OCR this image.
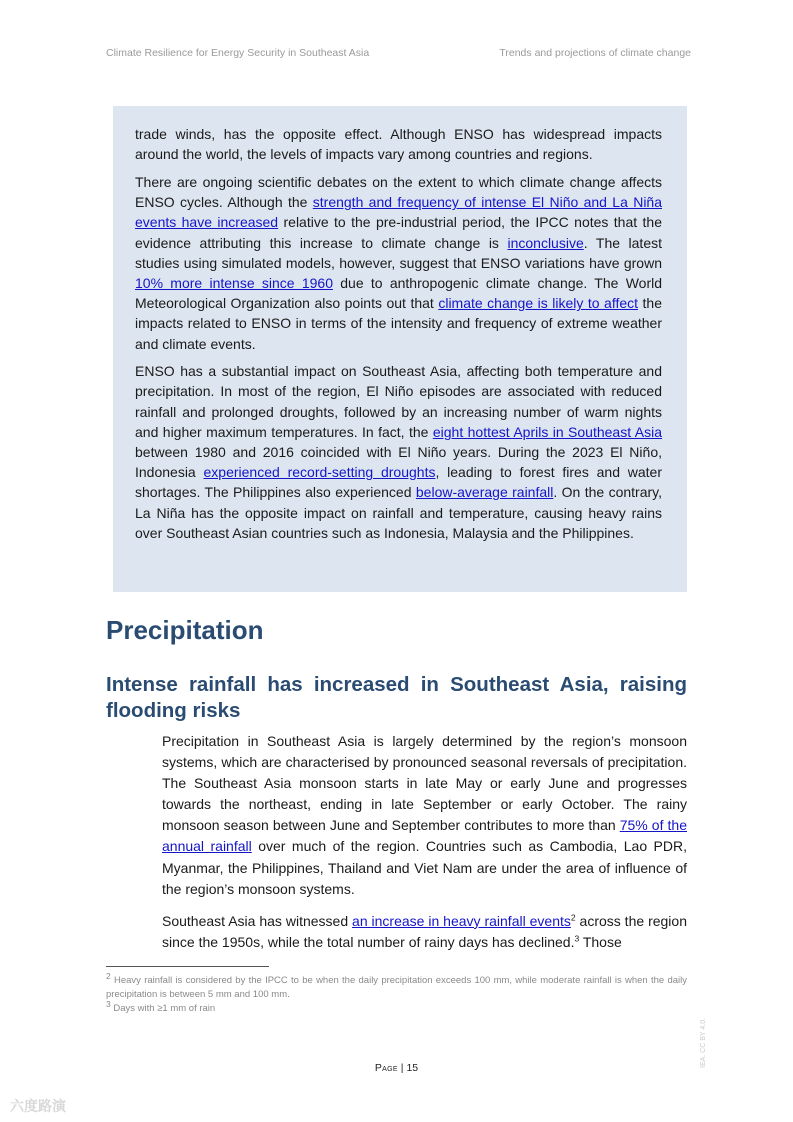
Climate Resilience for Energy Security in Southeast Asia	Trends and projections of climate change

trade winds, has the opposite effect. Although ENSO has widespread impacts around the world, the levels of impacts vary among countries and regions.

There are ongoing scientific debates on the extent to which climate change affects ENSO cycles. Although the strength and frequency of intense El Niño and La Niña events have increased relative to the pre-industrial period, the IPCC notes that the evidence attributing this increase to climate change is inconclusive. The latest studies using simulated models, however, suggest that ENSO variations have grown 10% more intense since 1960 due to anthropogenic climate change. The World Meteorological Organization also points out that climate change is likely to affect the impacts related to ENSO in terms of the intensity and frequency of extreme weather and climate events.

ENSO has a substantial impact on Southeast Asia, affecting both temperature and precipitation. In most of the region, El Niño episodes are associated with reduced rainfall and prolonged droughts, followed by an increasing number of warm nights and higher maximum temperatures. In fact, the eight hottest Aprils in Southeast Asia between 1980 and 2016 coincided with El Niño years. During the 2023 El Niño, Indonesia experienced record-setting droughts, leading to forest fires and water shortages. The Philippines also experienced below-average rainfall. On the contrary, La Niña has the opposite impact on rainfall and temperature, causing heavy rains over Southeast Asian countries such as Indonesia, Malaysia and the Philippines.

Precipitation
Intense rainfall has increased in Southeast Asia, raising flooding risks

Precipitation in Southeast Asia is largely determined by the region’s monsoon systems, which are characterised by pronounced seasonal reversals of precipitation. The Southeast Asia monsoon starts in late May or early June and progresses towards the northeast, ending in late September or early October. The rainy monsoon season between June and September contributes to more than 75% of the annual rainfall over much of the region. Countries such as Cambodia, Lao PDR, Myanmar, the Philippines, Thailand and Viet Nam are under the area of influence of the region’s monsoon systems.

Southeast Asia has witnessed an increase in heavy rainfall events$^2$ across the region since the 1950s, while the total number of rainy days has declined.$^3$ Those

$^2$ Heavy rainfall is considered by the IPCC to be when the daily precipitation exceeds 100 mm, while moderate rainfall is when the daily precipitation is between 5 mm and 100 mm.
$^3$ Days with ≥1 mm of rain
Page | 15	IEA. CC BY 4.0.
六度路演
